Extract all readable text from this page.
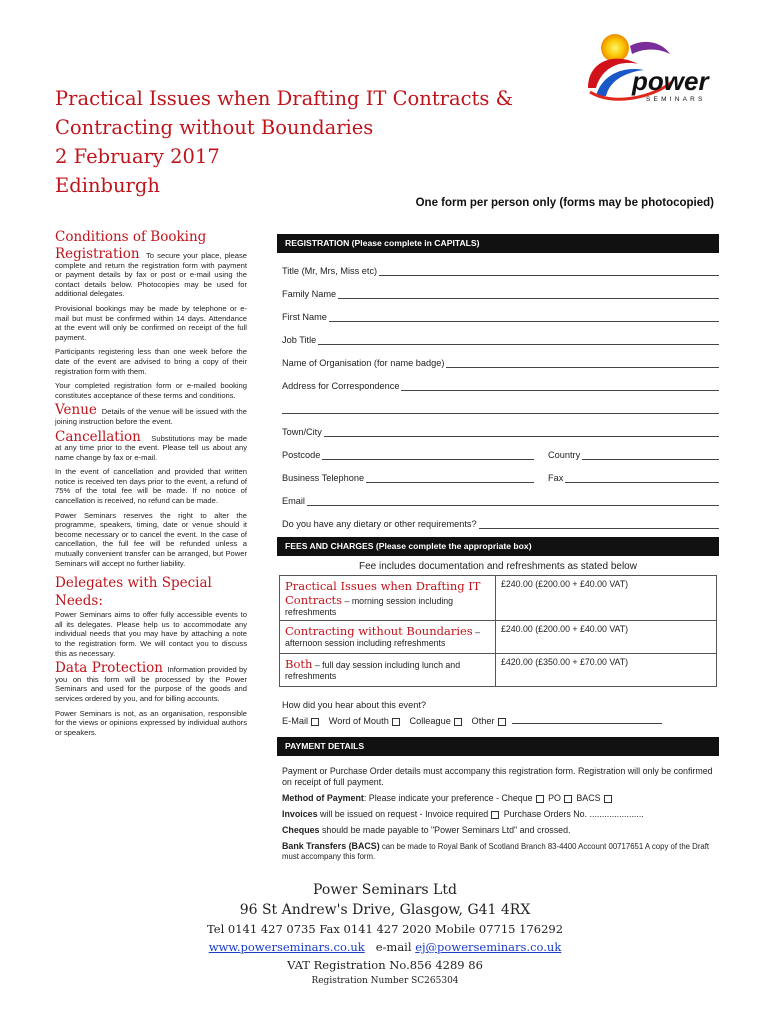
power
SEMINARS
Practical Issues when Drafting IT Contracts &
Contracting without Boundaries
2 February 2017
Edinburgh
One form per person only (forms may be photocopied)
Conditions of Booking

Registration To secure your place, please complete and return the registration form with payment or payment details by fax or post or e-mail using the contact details below. Photocopies may be used for additional delegates.

Provisional bookings may be made by telephone or e-mail but must be confirmed within 14 days. Attendance at the event will only be confirmed on receipt of the full payment.

Participants registering less than one week before the date of the event are advised to bring a copy of their registration form with them.

Your completed registration form or e-mailed booking constitutes acceptance of these terms and conditions.

Venue Details of the venue will be issued with the joining instruction before the event.

Cancellation Substitutions may be made at any time prior to the event. Please tell us about any name change by fax or e-mail.

In the event of cancellation and provided that written notice is received ten days prior to the event, a refund of 75% of the total fee will be made. If no notice of cancellation is received, no refund can be made.

Power Seminars reserves the right to alter the programme, speakers, timing, date or venue should it become necessary or to cancel the event. In the case of cancellation, the full fee will be refunded unless a mutually convenient transfer can be arranged, but Power Seminars will accept no further liability.

Delegates with Special Needs:

Power Seminars aims to offer fully accessible events to all its delegates. Please help us to accommodate any individual needs that you may have by attaching a note to the registration form. We will contact you to discuss this as necessary.

Data Protection Information provided by you on this form will be processed by the Power Seminars and used for the purpose of the goods and services ordered by you, and for billing accounts.

Power Seminars is not, as an organisation, responsible for the views or opinions expressed by individual authors or speakers.

REGISTRATION (Please complete in CAPITALS)
Title (Mr, Mrs, Miss etc)
Family Name
First Name
Job Title
Name of Organisation (for name badge)
Address for Correspondence
Town/City
Postcode	Country
Business Telephone	Fax
Email
Do you have any dietary or other requirements?
FEES AND CHARGES (Please complete the appropriate box)
Fee includes documentation and refreshments as stated below
Practical Issues when Drafting IT Contracts – morning session including refreshments	£240.00 (£200.00 + £40.00 VAT)
Contracting without Boundaries – afternoon session including refreshments	£240.00 (£200.00 + £40.00 VAT)
Both – full day session including lunch and refreshments	£420.00 (£350.00 + £70.00 VAT)
How did you hear about this event?
E-Mail Word of Mouth Colleague Other
PAYMENT DETAILS

Payment or Purchase Order details must accompany this registration form. Registration will only be confirmed on receipt of full payment.

Method of Payment: Please indicate your preference - Cheque PO BACS

Invoices will be issued on request - Invoice required Purchase Orders No. ......................

Cheques should be made payable to "Power Seminars Ltd" and crossed.

Bank Transfers (BACS) can be made to Royal Bank of Scotland Branch 83-4400 Account 00717651 A copy of the Draft must accompany this form.

Power Seminars Ltd
96 St Andrew's Drive, Glasgow, G41 4RX
Tel 0141 427 0735 Fax 0141 427 2020 Mobile 07715 176292
www.powerseminars.co.uk e-mail ej@powerseminars.co.uk
VAT Registration No.856 4289 86
Registration Number SC265304
